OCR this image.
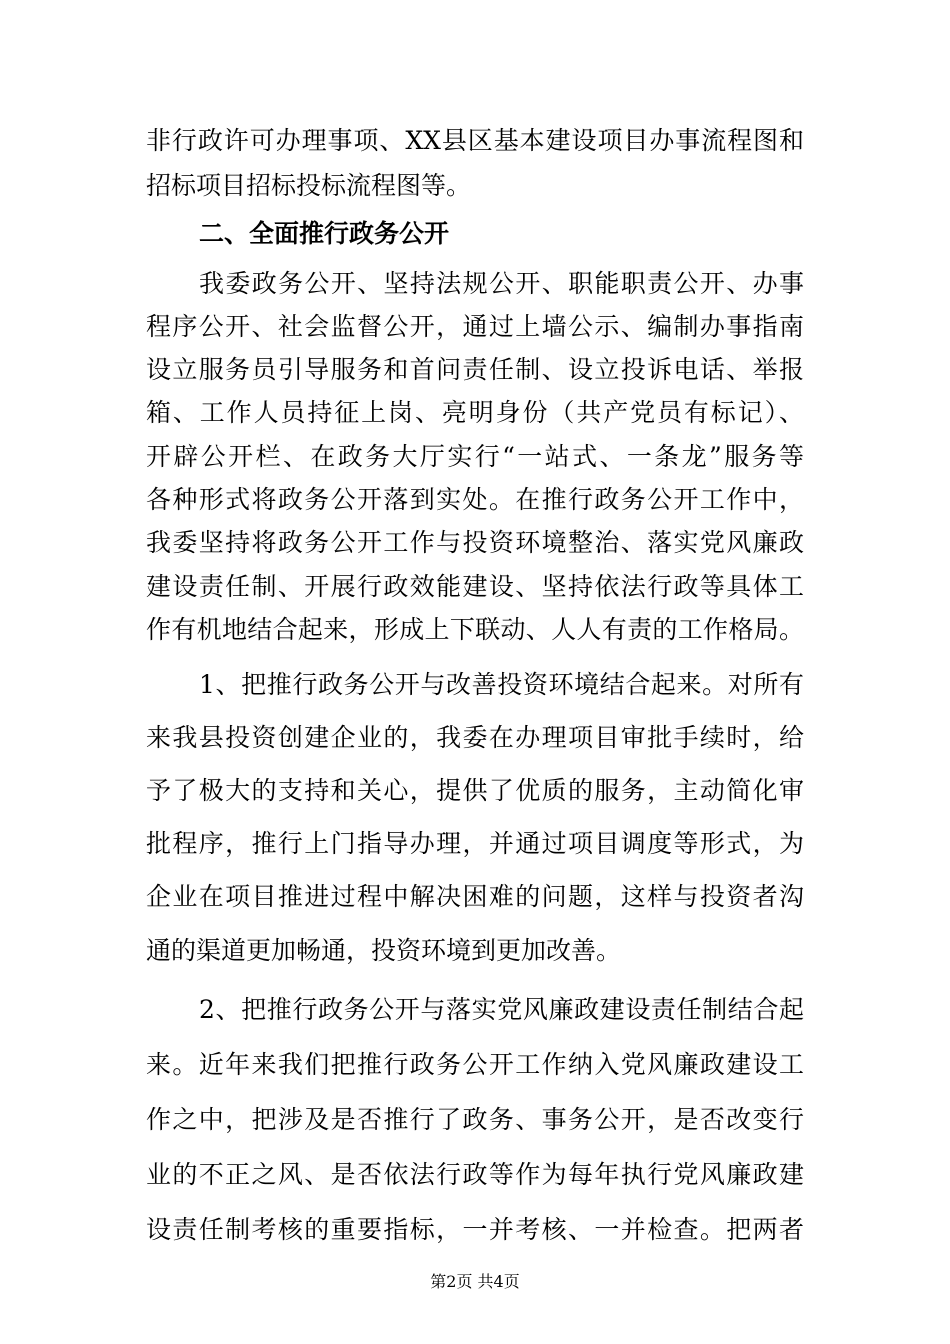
非行政许可办理事项、XX县区基本建设项目办事流程图和
招标项目招标投标流程图等。
二、全面推行政务公开
我委政务公开、坚持法规公开、职能职责公开、办事
程序公开、社会监督公开，通过上墙公示、编制办事指南
设立服务员引导服务和首问责任制、设立投诉电话、举报
箱、工作人员持征上岗、亮明身份（共产党员有标记）、
开辟公开栏、在政务大厅实行“一站式、一条龙”服务等
各种形式将政务公开落到实处。在推行政务公开工作中，
我委坚持将政务公开工作与投资环境整治、落实党风廉政
建设责任制、开展行政效能建设、坚持依法行政等具体工
作有机地结合起来，形成上下联动、人人有责的工作格局。
1、把推行政务公开与改善投资环境结合起来。对所有
来我县投资创建企业的，我委在办理项目审批手续时，给
予了极大的支持和关心，提供了优质的服务，主动简化审
批程序，推行上门指导办理，并通过项目调度等形式，为
企业在项目推进过程中解决困难的问题，这样与投资者沟
通的渠道更加畅通，投资环境到更加改善。
2、把推行政务公开与落实党风廉政建设责任制结合起
来。近年来我们把推行政务公开工作纳入党风廉政建设工
作之中，把涉及是否推行了政务、事务公开，是否改变行
业的不正之风、是否依法行政等作为每年执行党风廉政建
设责任制考核的重要指标，一并考核、一并检查。把两者
第2页 共4页
